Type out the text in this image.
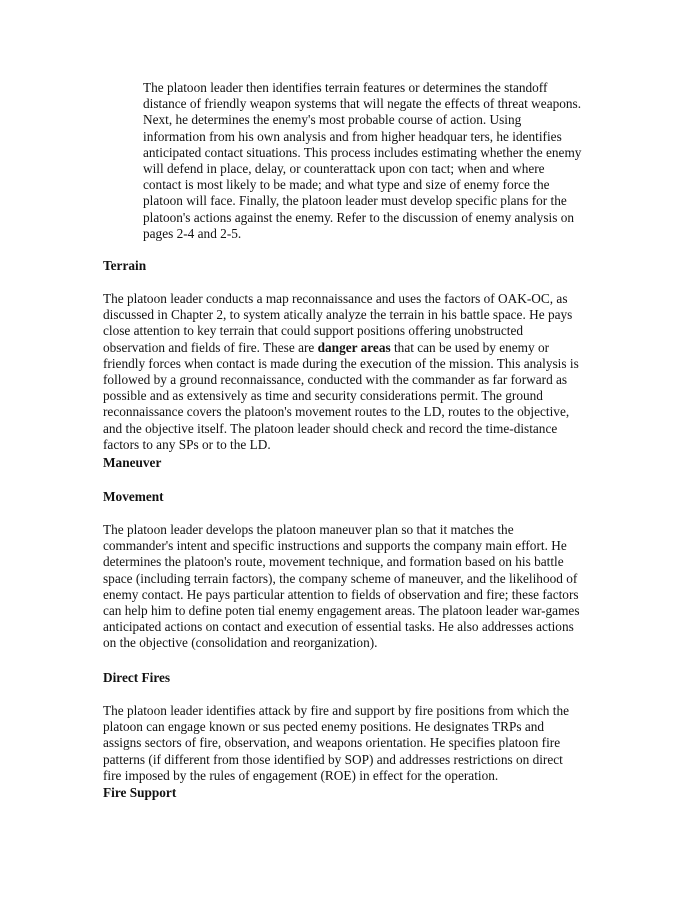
The platoon leader then identifies terrain features or determines the standoff
distance of friendly weapon systems that will negate the effects of threat weapons.
Next, he determines the enemy's most probable course of action. Using
information from his own analysis and from higher headquar ters, he identifies
anticipated contact situations. This process includes estimating whether the enemy
will defend in place, delay, or counterattack upon con tact; when and where
contact is most likely to be made; and what type and size of enemy force the
platoon will face. Finally, the platoon leader must develop specific plans for the
platoon's actions against the enemy. Refer to the discussion of enemy analysis on
pages 2-4 and 2-5.

Terrain

The platoon leader conducts a map reconnaissance and uses the factors of OAK-OC, as
discussed in Chapter 2, to system atically analyze the terrain in his battle space. He pays
close attention to key terrain that could support positions offering unobstructed
observation and fields of fire. These are danger areas that can be used by enemy or
friendly forces when contact is made during the execution of the mission. This analysis is
followed by a ground reconnaissance, conducted with the commander as far forward as
possible and as extensively as time and security considerations permit. The ground
reconnaissance covers the platoon's movement routes to the LD, routes to the objective,
and the objective itself. The platoon leader should check and record the time-distance
factors to any SPs or to the LD.

Maneuver
Movement

The platoon leader develops the platoon maneuver plan so that it matches the
commander's intent and specific instructions and supports the company main effort. He
determines the platoon's route, movement technique, and formation based on his battle
space (including terrain factors), the company scheme of maneuver, and the likelihood of
enemy contact. He pays particular attention to fields of observation and fire; these factors
can help him to define poten tial enemy engagement areas. The platoon leader war-games
anticipated actions on contact and execution of essential tasks. He also addresses actions
on the objective (consolidation and reorganization).

Direct Fires

The platoon leader identifies attack by fire and support by fire positions from which the
platoon can engage known or sus pected enemy positions. He designates TRPs and
assigns sectors of fire, observation, and weapons orientation. He specifies platoon fire
patterns (if different from those identified by SOP) and addresses restrictions on direct
fire imposed by the rules of engagement (ROE) in effect for the operation.

Fire Support
